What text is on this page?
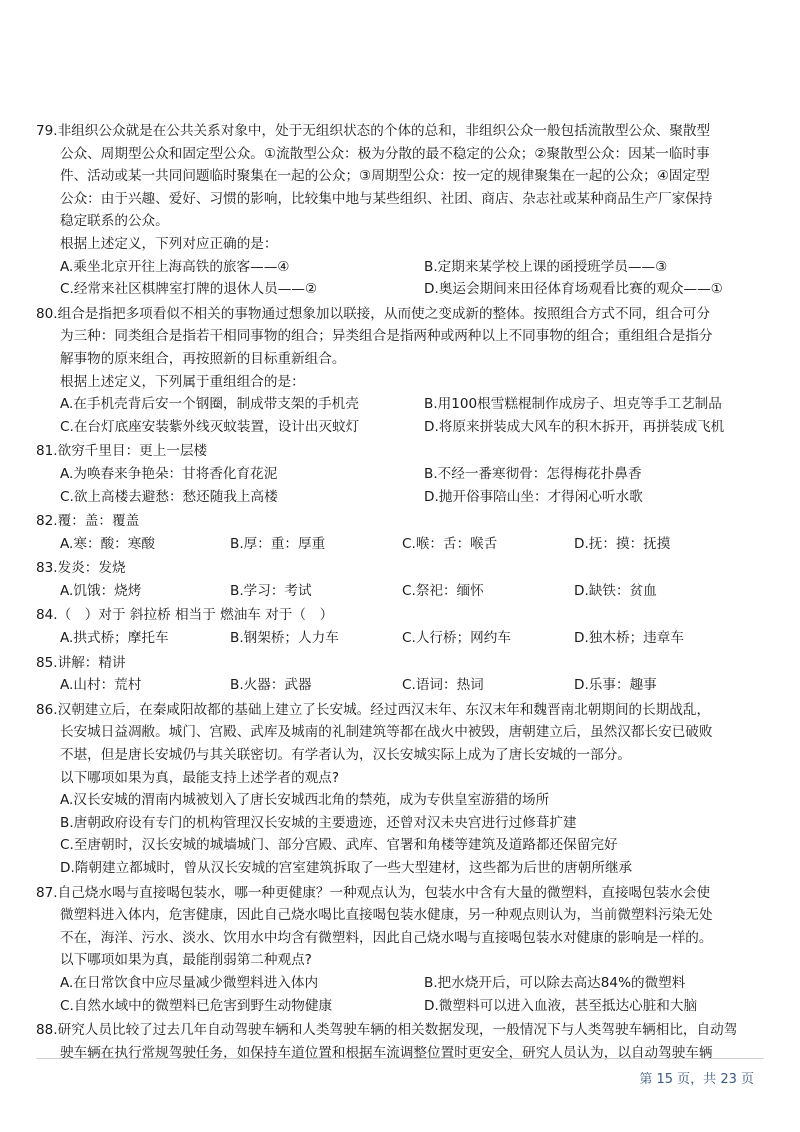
79.非组织公众就是在公共关系对象中，处于无组织状态的个体的总和，非组织公众一般包括流散型公众、聚散型

公众、周期型公众和固定型公众。①流散型公众：极为分散的最不稳定的公众；②聚散型公众：因某一临时事

件、活动或某一共同问题临时聚集在一起的公众；③周期型公众：按一定的规律聚集在一起的公众；④固定型

公众：由于兴趣、爱好、习惯的影响，比较集中地与某些组织、社团、商店、杂志社或某种商品生产厂家保持

稳定联系的公众。

根据上述定义，下列对应正确的是：
A.乘坐北京开往上海高铁的旅客——④	B.定期来某学校上课的函授班学员——③
C.经常来社区棋牌室打牌的退休人员——②	D.奥运会期间来田径体育场观看比赛的观众——①

80.组合是指把多项看似不相关的事物通过想象加以联接，从而使之变成新的整体。按照组合方式不同，组合可分

为三种：同类组合是指若干相同事物的组合；异类组合是指两种或两种以上不同事物的组合；重组组合是指分

解事物的原来组合，再按照新的目标重新组合。

根据上述定义，下列属于重组组合的是：
A.在手机壳背后安一个钢圈，制成带支架的手机壳	B.用100根雪糕棍制作成房子、坦克等手工艺制品
C.在台灯底座安装紫外线灭蚊装置，设计出灭蚊灯	D.将原来拼装成大风车的积木拆开，再拼装成飞机

81.欲穷千里目：更上一层楼

A.为唤春来争艳朵：甘将香化育花泥	B.不经一番寒彻骨：怎得梅花扑鼻香
C.欲上高楼去避愁：愁还随我上高楼	D.抛开俗事陪山坐：才得闲心听水歌

82.覆：盖：覆盖

A.寒：酸：寒酸	B.厚：重：厚重	C.喉：舌：喉舌	D.抚：摸：抚摸

83.发炎：发烧

A.饥饿：烧烤	B.学习：考试	C.祭祀：缅怀	D.缺铁：贫血

84.（　）对于 斜拉桥 相当于 燃油车 对于（　）

A.拱式桥；摩托车	B.钢架桥；人力车	C.人行桥；网约车	D.独木桥；违章车

85.讲解：精讲

A.山村：荒村	B.火器：武器	C.语词：热词	D.乐事：趣事

86.汉朝建立后，在秦咸阳故都的基础上建立了长安城。经过西汉末年、东汉末年和魏晋南北朝期间的长期战乱，

长安城日益凋敝。城门、宫殿、武库及城南的礼制建筑等都在战火中被毁，唐朝建立后，虽然汉都长安已破败

不堪，但是唐长安城仍与其关联密切。有学者认为，汉长安城实际上成为了唐长安城的一部分。

以下哪项如果为真，最能支持上述学者的观点?
A.汉长安城的渭南内城被划入了唐长安城西北角的禁苑，成为专供皇室游猎的场所
B.唐朝政府设有专门的机构管理汉长安城的主要遗迹，还曾对汉未央宫进行过修葺扩建
C.至唐朝时，汉长安城的城墙城门、部分宫殿、武库、官署和角楼等建筑及道路都还保留完好
D.隋朝建立都城时，曾从汉长安城的宫室建筑拆取了一些大型建材，这些都为后世的唐朝所继承

87.自己烧水喝与直接喝包装水，哪一种更健康？一种观点认为，包装水中含有大量的微塑料，直接喝包装水会使

微塑料进入体内，危害健康，因此自己烧水喝比直接喝包装水健康，另一种观点则认为，当前微塑料污染无处

不在，海洋、污水、淡水、饮用水中均含有微塑料，因此自己烧水喝与直接喝包装水对健康的影响是一样的。

以下哪项如果为真，最能削弱第二种观点?
A.在日常饮食中应尽量减少微塑料进入体内	B.把水烧开后，可以除去高达84%的微塑料
C.自然水域中的微塑料已危害到野生动物健康	D.微塑料可以进入血液，甚至抵达心脏和大脑

88.研究人员比较了过去几年自动驾驶车辆和人类驾驶车辆的相关数据发现，一般情况下与人类驾驶车辆相比，自动驾

驶车辆在执行常规驾驶任务，如保持车道位置和根据车流调整位置时更安全，研究人员认为，以自动驾驶车辆

第 15 页，共 23 页
